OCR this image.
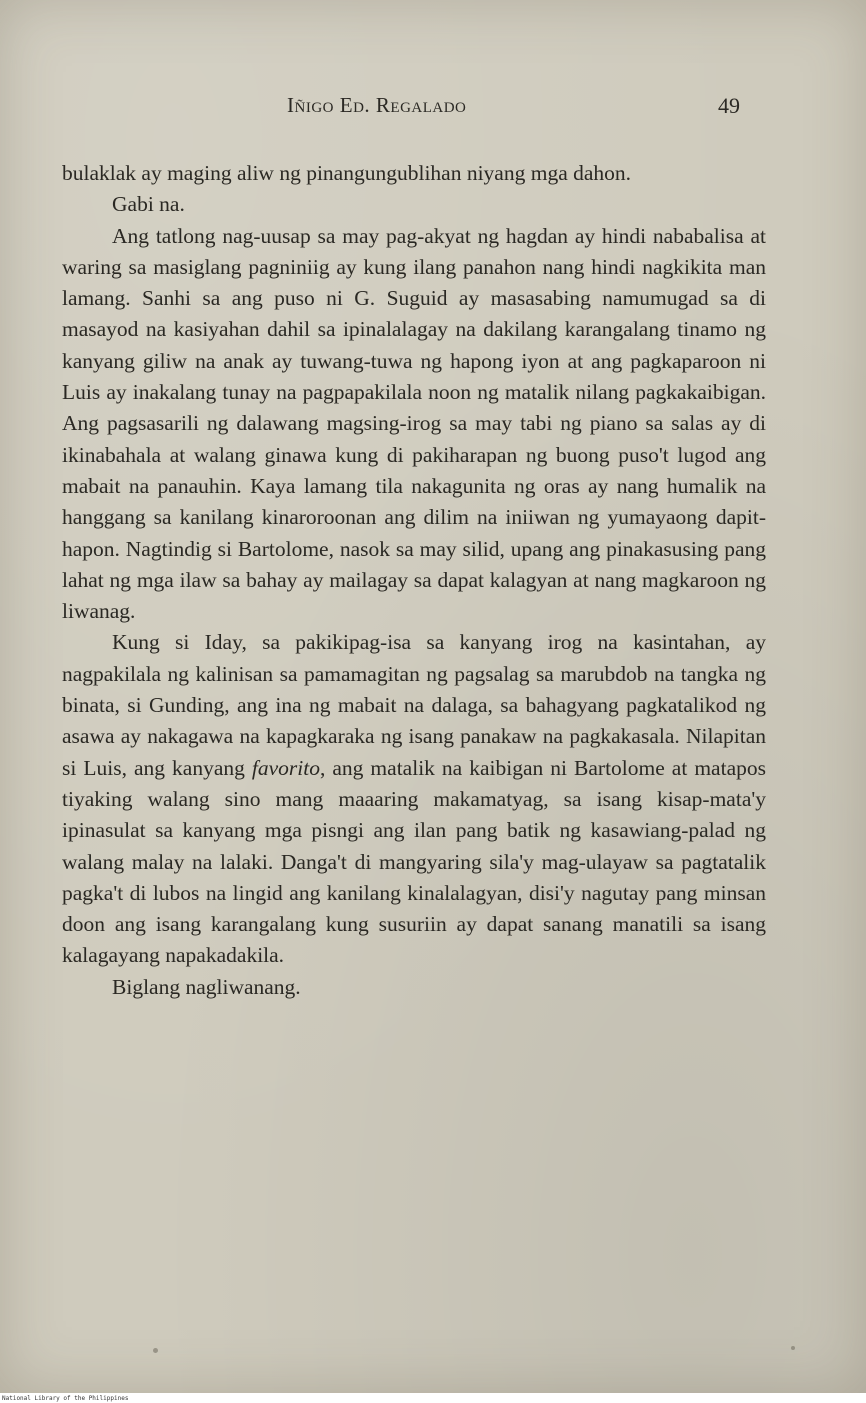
Iñigo Ed. Regalado	49

bulaklak ay maging aliw ng pinangungublihan niyang mga dahon.

Gabi na.

Ang tatlong nag-uusap sa may pag-akyat ng hagdan ay hindi nababalisa at waring sa masiglang pagniniig ay kung ilang panahon nang hindi nagkikita man lamang. Sanhi sa ang puso ni G. Suguid ay masasabing namumugad sa di masayod na kasiyahan dahil sa ipinalalagay na dakilang karangalang tinamo ng kanyang giliw na anak ay tuwang-tuwa ng hapong iyon at ang pagkaparoon ni Luis ay inakalang tunay na pagpapakilala noon ng matalik nilang pagkakaibigan. Ang pagsasarili ng dalawang magsing-irog sa may tabi ng piano sa salas ay di ikinabahala at walang ginawa kung di pakiharapan ng buong puso't lugod ang mabait na panauhin. Kaya lamang tila nakagunita ng oras ay nang humalik na hanggang sa kanilang kinaroroonan ang dilim na iniiwan ng yumayaong dapit-hapon. Nagtindig si Bartolome, nasok sa may silid, upang ang pinakasusing pang lahat ng mga ilaw sa bahay ay mailagay sa dapat kalagyan at nang magkaroon ng liwanag.

Kung si Iday, sa pakikipag-isa sa kanyang irog na kasintahan, ay nagpakilala ng kalinisan sa pamamagitan ng pagsalag sa marubdob na tangka ng binata, si Gunding, ang ina ng mabait na dalaga, sa bahagyang pagkatalikod ng asawa ay nakagawa na kapagkaraka ng isang panakaw na pagkakasala. Nilapitan si Luis, ang kanyang favorito, ang matalik na kaibigan ni Bartolome at matapos tiyaking walang sino mang maaaring makamatyag, sa isang kisap-mata'y ipinasulat sa kanyang mga pisngi ang ilan pang batik ng kasawiang-palad ng walang malay na lalaki. Danga't di mangyaring sila'y mag-ulayaw sa pagtatalik pagka't di lubos na lingid ang kanilang kinalalagyan, disi'y nagutay pang minsan doon ang isang karangalang kung susuriin ay dapat sanang manatili sa isang kalagayang napakadakila.

Biglang nagliwanang.

National Library of the Philippines
